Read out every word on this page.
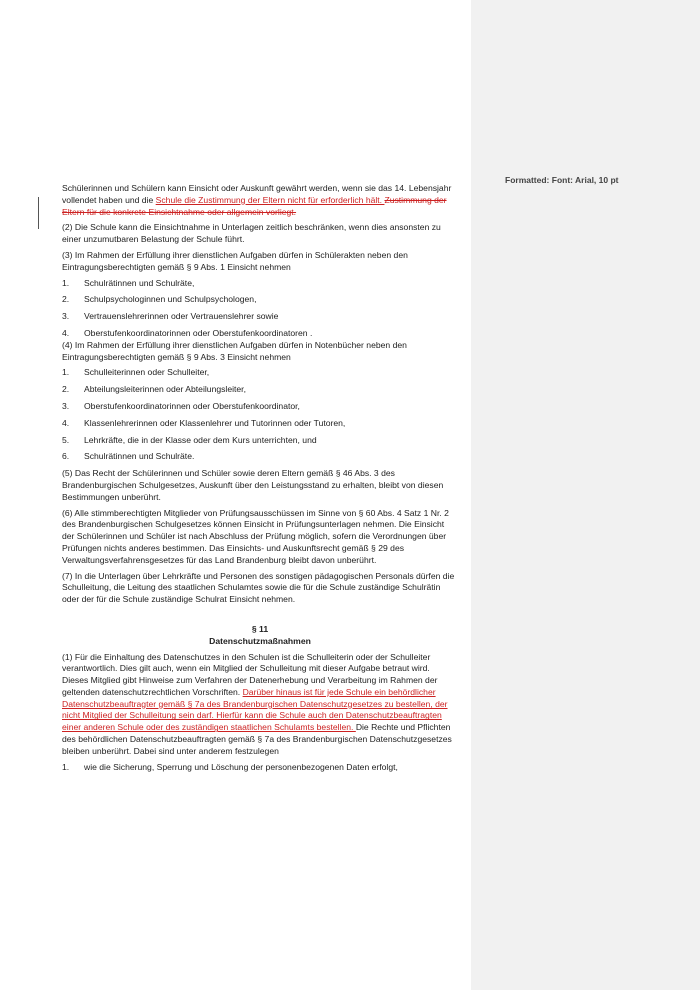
Formatted: Font: Arial, 10 pt

Schülerinnen und Schülern kann Einsicht oder Auskunft gewährt werden, wenn sie das 14. Lebensjahr vollendet haben und die Schule die Zustimmung der Eltern nicht für erforderlich hält. Zustimmung der Eltern für die konkrete Einsichtnahme oder allgemein vorliegt.

(2) Die Schule kann die Einsichtnahme in Unterlagen zeitlich beschränken, wenn dies ansonsten zu einer unzumutbaren Belastung der Schule führt.

(3) Im Rahmen der Erfüllung ihrer dienstlichen Aufgaben dürfen in Schülerakten neben den Eintragungsberechtigten gemäß § 9 Abs. 1 Einsicht nehmen

1. Schulrätinnen und Schulräte,
2. Schulpsychologinnen und Schulpsychologen,
3. Vertrauenslehrerinnen oder Vertrauenslehrer sowie
4. Oberstufenkoordinatorinnen oder Oberstufenkoordinatoren .

(4) Im Rahmen der Erfüllung ihrer dienstlichen Aufgaben dürfen in Notenbücher neben den Eintragungsberechtigten gemäß § 9 Abs. 3 Einsicht nehmen

1. Schulleiterinnen oder Schulleiter,
2. Abteilungsleiterinnen oder Abteilungsleiter,
3. Oberstufenkoordinatorinnen oder Oberstufenkoordinator,
4. Klassenlehrerinnen oder Klassenlehrer und Tutorinnen oder Tutoren,
5. Lehrkräfte, die in der Klasse oder dem Kurs unterrichten, und
6. Schulrätinnen und Schulräte.

(5) Das Recht der Schülerinnen und Schüler sowie deren Eltern gemäß § 46 Abs. 3 des Brandenburgischen Schulgesetzes, Auskunft über den Leistungsstand zu erhalten, bleibt von diesen Bestimmungen unberührt.

(6) Alle stimmberechtigten Mitglieder von Prüfungsausschüssen im Sinne von § 60 Abs. 4 Satz 1 Nr. 2 des Brandenburgischen Schulgesetzes können Einsicht in Prüfungsunterlagen nehmen. Die Einsicht der Schülerinnen und Schüler ist nach Abschluss der Prüfung möglich, sofern die Verordnungen über Prüfungen nichts anderes bestimmen. Das Einsichts- und Auskunftsrecht gemäß § 29 des Verwaltungsverfahrensgesetzes für das Land Brandenburg bleibt davon unberührt.

(7) In die Unterlagen über Lehrkräfte und Personen des sonstigen pädagogischen Personals dürfen die Schulleitung, die Leitung des staatlichen Schulamtes sowie die für die Schule zuständige Schulrätin oder der für die Schule zuständige Schulrat Einsicht nehmen.

§ 11
Datenschutzmaßnahmen

(1) Für die Einhaltung des Datenschutzes in den Schulen ist die Schulleiterin oder der Schulleiter verantwortlich. Dies gilt auch, wenn ein Mitglied der Schulleitung mit dieser Aufgabe betraut wird. Dieses Mitglied gibt Hinweise zum Verfahren der Datenerhebung und Verarbeitung im Rahmen der geltenden datenschutzrechtlichen Vorschriften. Darüber hinaus ist für jede Schule ein behördlicher Datenschutzbeauftragter gemäß § 7a des Brandenburgischen Datenschutzgesetzes zu bestellen, der nicht Mitglied der Schulleitung sein darf. Hierfür kann die Schule auch den Datenschutzbeauftragten einer anderen Schule oder des zuständigen staatlichen Schulamts bestellen. Die Rechte und Pflichten des behördlichen Datenschutzbeauftragten gemäß § 7a des Brandenburgischen Datenschutzgesetzes bleiben unberührt. Dabei sind unter anderem festzulegen

1. wie die Sicherung, Sperrung und Löschung der personenbezogenen Daten erfolgt,
